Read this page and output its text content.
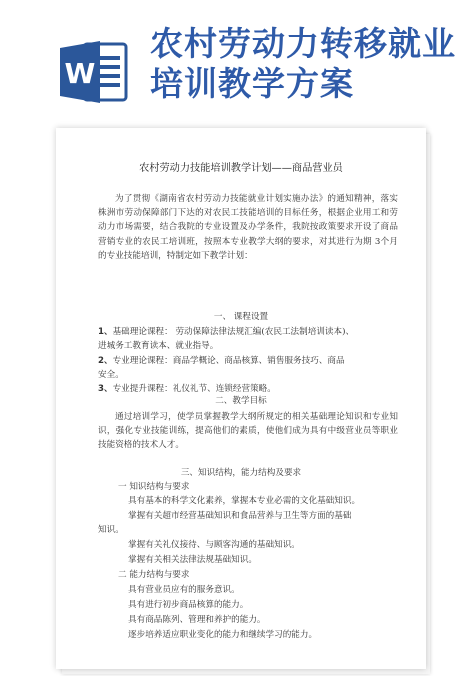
W
农村劳动力转移就业培训教学方案
农村劳动力技能培训教学计划——商品营业员
为了贯彻《湖南省农村劳动力技能就业计划实施办法》的通知精神，落实株洲市劳动保障部门下达的对农民工技能培训的目标任务，根据企业用工和劳动力市场需要，结合我院的专业设置及办学条件，我院按政策要求开设了商品营销专业的农民工培训班，按照本专业教学大纲的要求，对其进行为期 3个月的专业技能培训，特制定如下教学计划：
一、 课程设置
1、基础理论课程： 劳动保障法律法规汇编(农民工法制培训读本)、
进城务工教育读本、就业指导。
2、专业理论课程：商品学概论、商品核算、销售服务技巧、商品
安全。
3、专业提升课程：礼仪礼节、连锁经营策略。
二、教学目标
通过培训学习，使学员掌握教学大纲所规定的相关基础理论知识和专业知识，强化专业技能训练，提高他们的素质，使他们成为具有中级营业员等职业技能资格的技术人才。
三、知识结构，能力结构及要求
一 知识结构与要求
具有基本的科学文化素养，掌握本专业必需的文化基础知识。
掌握有关超市经营基础知识和食品营养与卫生等方面的基础
知识。
掌握有关礼仪接待、与顾客沟通的基础知识。
掌握有关相关法律法规基础知识。
二 能力结构与要求
具有营业员应有的服务意识。
具有进行初步商品核算的能力。
具有商品陈列、管理和养护的能力。
逐步培养适应职业变化的能力和继续学习的能力。
